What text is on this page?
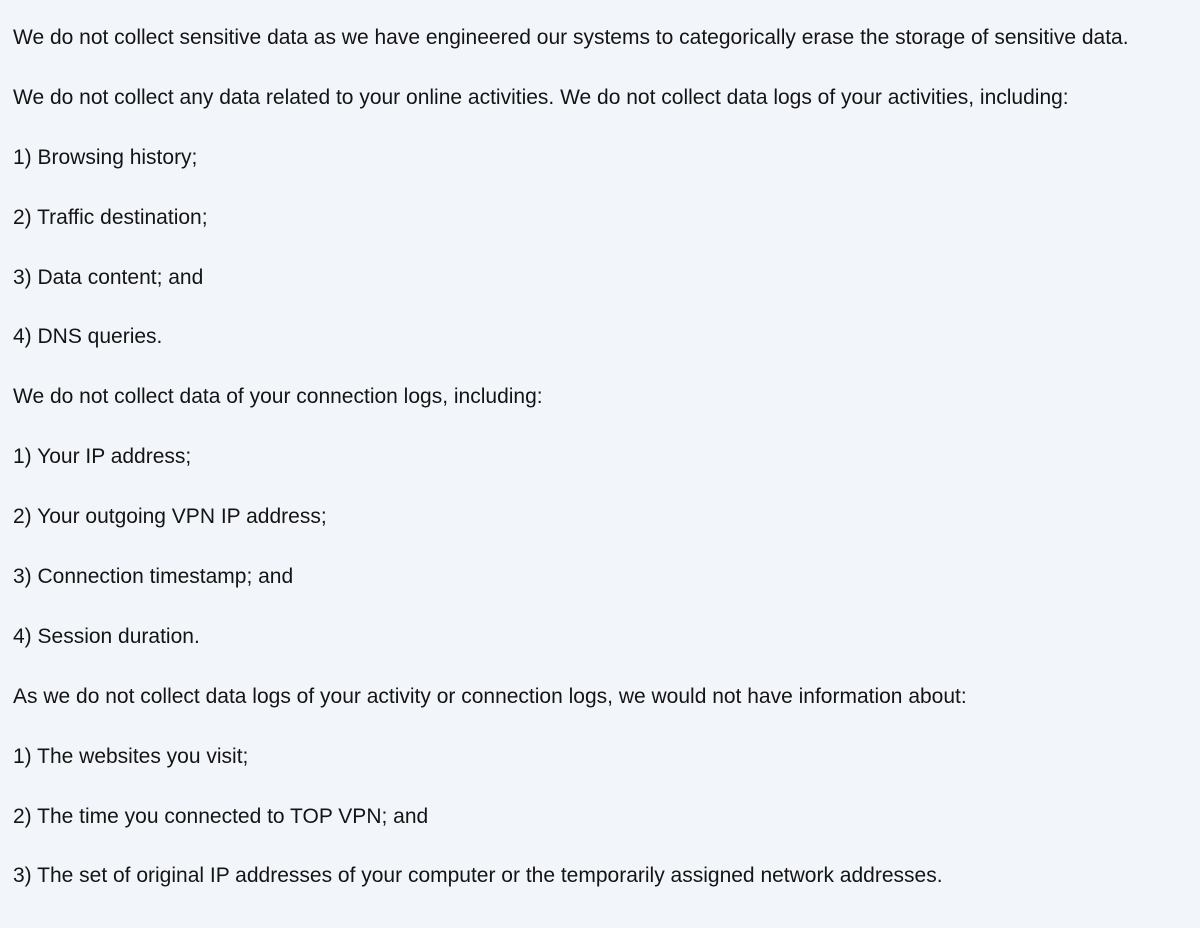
We do not collect sensitive data as we have engineered our systems to categorically erase the storage of sensitive data.

We do not collect any data related to your online activities. We do not collect data logs of your activities, including:

1) Browsing history;

2) Traffic destination;

3) Data content; and

4) DNS queries.

We do not collect data of your connection logs, including:

1) Your IP address;

2) Your outgoing VPN IP address;

3) Connection timestamp; and

4) Session duration.

As we do not collect data logs of your activity or connection logs, we would not have information about:

1) The websites you visit;

2) The time you connected to TOP VPN; and

3) The set of original IP addresses of your computer or the temporarily assigned network addresses.
